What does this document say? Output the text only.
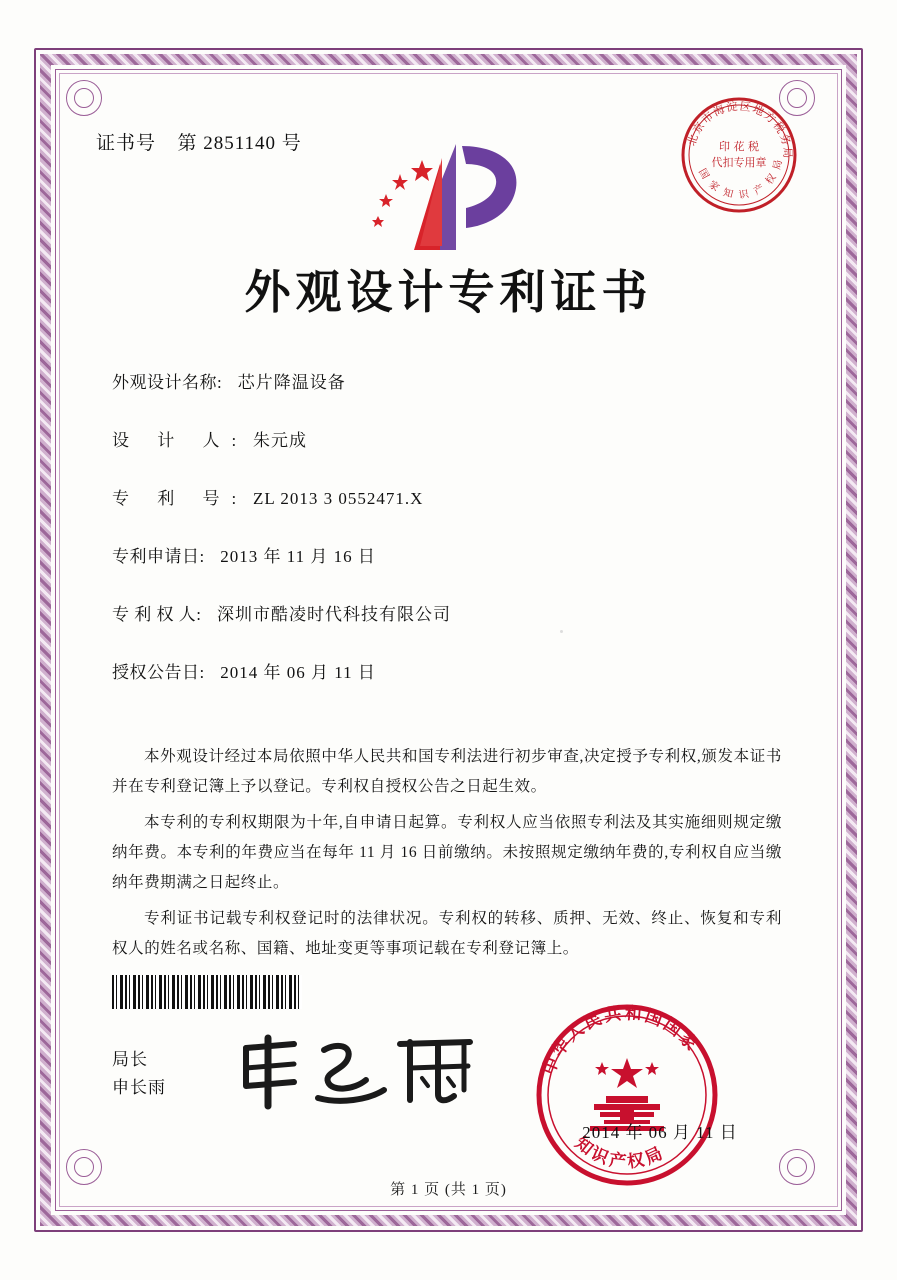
证书号 第 2851140 号	北京市海淀区地方税务局
国 家 知 识 产 权 局
印 花 税
代扣专用章
外观设计专利证书
外观设计名称: 芯片降温设备
设 计 人: 朱元成
专 利 号: ZL 2013 3 0552471.X
专利申请日: 2013 年 11 月 16 日
专 利 权 人: 深圳市酷凌时代科技有限公司
授权公告日: 2014 年 06 月 11 日

本外观设计经过本局依照中华人民共和国专利法进行初步审查,决定授予专利权,颁发本证书并在专利登记簿上予以登记。专利权自授权公告之日起生效。

本专利的专利权期限为十年,自申请日起算。专利权人应当依照专利法及其实施细则规定缴纳年费。本专利的年费应当在每年 11 月 16 日前缴纳。未按照规定缴纳年费的,专利权自应当缴纳年费期满之日起终止。

专利证书记载专利权登记时的法律状况。专利权的转移、质押、无效、终止、恢复和专利权人的姓名或名称、国籍、地址变更等事项记载在专利登记簿上。

局长
申长雨
中华人民共和国国家
知识产权局
2014 年 06 月 11 日
第 1 页 (共 1 页)
